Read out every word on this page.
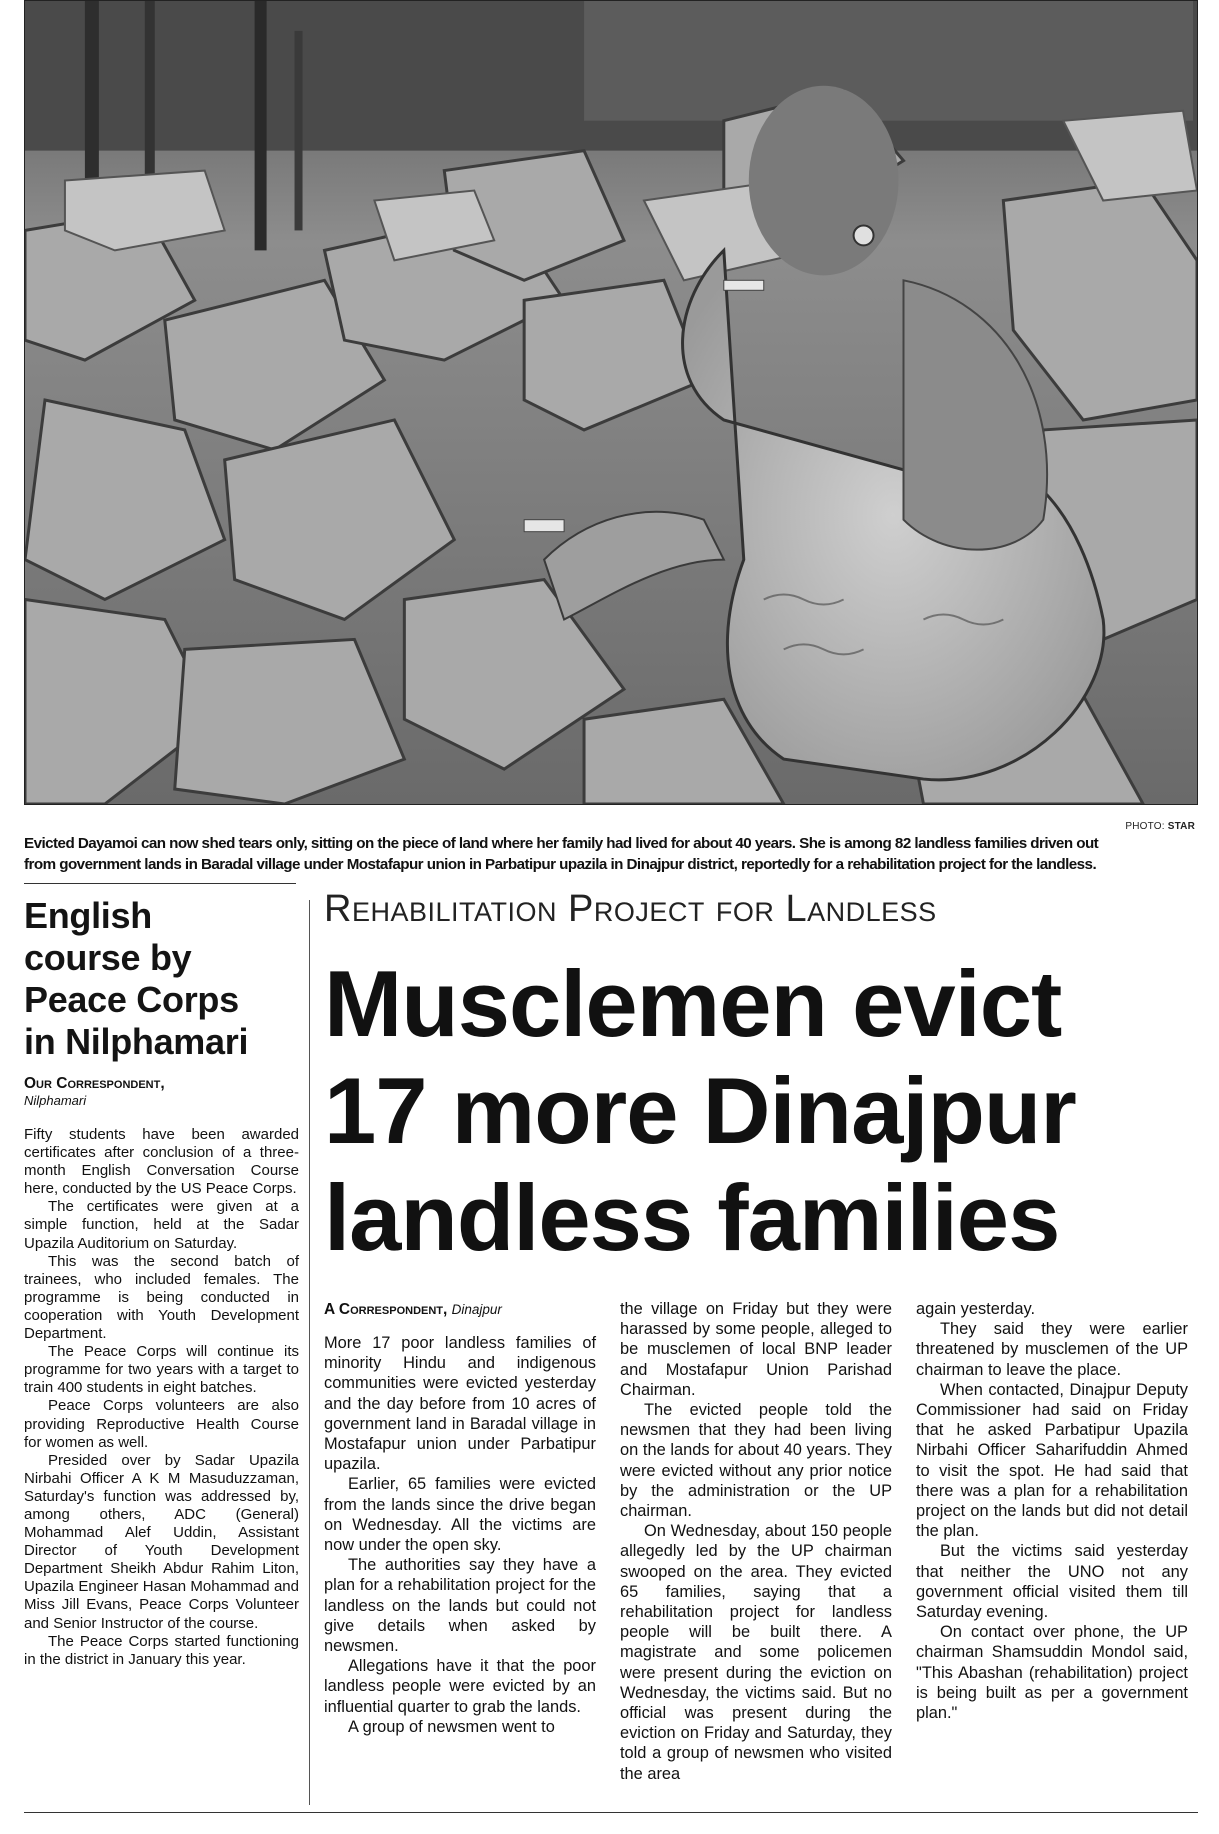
PHOTO: STAR
Evicted Dayamoi can now shed tears only, sitting on the piece of land where her family had lived for about 40 years. She is among 82 landless families driven out
from government lands in Baradal village under Mostafapur union in Parbatipur upazila in Dinajpur district, reportedly for a rehabilitation project for the landless.
English
course by
Peace Corps
in Nilphamari
Our Correspondent,
Nilphamari

Fifty students have been awarded certificates after conclusion of a three-month English Conversation Course here, conducted by the US Peace Corps.

The certificates were given at a simple function, held at the Sadar Upazila Auditorium on Saturday.

This was the second batch of trainees, who included females. The programme is being conducted in cooperation with Youth Development Department.

The Peace Corps will continue its programme for two years with a target to train 400 students in eight batches.

Peace Corps volunteers are also providing Reproductive Health Course for women as well.

Presided over by Sadar Upazila Nirbahi Officer A K M Masuduzzaman, Saturday's function was addressed by, among others, ADC (General) Mohammad Alef Uddin, Assistant Director of Youth Development Department Sheikh Abdur Rahim Liton, Upazila Engineer Hasan Mohammad and Miss Jill Evans, Peace Corps Volunteer and Senior Instructor of the course.

The Peace Corps started functioning in the district in January this year.

Rehabilitation Project for Landless
Musclemen evict
17 more Dinajpur
landless families
A Correspondent, Dinajpur

More 17 poor landless families of minority Hindu and indigenous communities were evicted yesterday and the day before from 10 acres of government land in Baradal village in Mostafapur union under Parbatipur upazila.

Earlier, 65 families were evicted from the lands since the drive began on Wednesday. All the victims are now under the open sky.

The authorities say they have a plan for a rehabilitation project for the landless on the lands but could not give details when asked by newsmen.

Allegations have it that the poor landless people were evicted by an influential quarter to grab the lands.

A group of newsmen went to

the village on Friday but they were harassed by some people, alleged to be musclemen of local BNP leader and Mostafapur Union Parishad Chairman.

The evicted people told the newsmen that they had been living on the lands for about 40 years. They were evicted without any prior notice by the administration or the UP chairman.

On Wednesday, about 150 people allegedly led by the UP chairman swooped on the area. They evicted 65 families, saying that a rehabilitation project for landless people will be built there. A magistrate and some policemen were present during the eviction on Wednesday, the victims said. But no official was present during the eviction on Friday and Saturday, they told a group of newsmen who visited the area

again yesterday.

They said they were earlier threatened by musclemen of the UP chairman to leave the place.

When contacted, Dinajpur Deputy Commissioner had said on Friday that he asked Parbatipur Upazila Nirbahi Officer Saharifuddin Ahmed to visit the spot. He had said that there was a plan for a rehabilitation project on the lands but did not detail the plan.

But the victims said yesterday that neither the UNO not any government official visited them till Saturday evening.

On contact over phone, the UP chairman Shamsuddin Mondol said, "This Abashan (rehabilitation) project is being built as per a government plan."
